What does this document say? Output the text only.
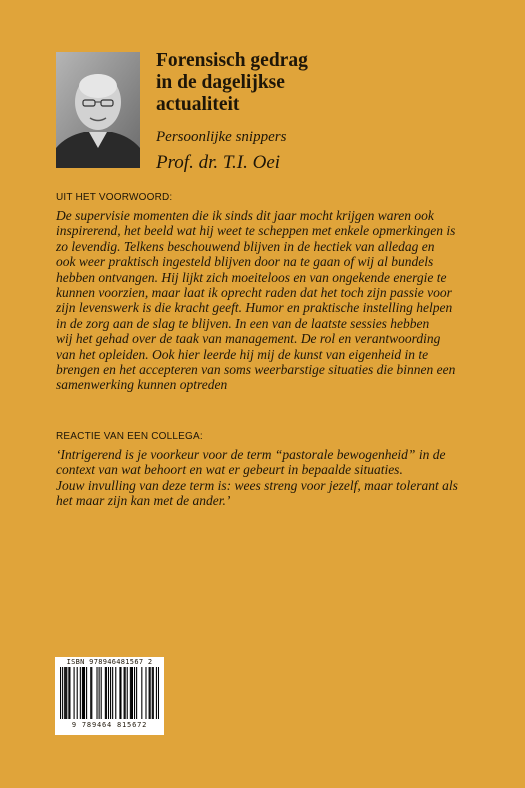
Forensisch gedrag
in de dagelijkse
actualiteit
Persoonlijke snippers
Prof. dr. T.I. Oei
UIT HET VOORWOORD:
De supervisie momenten die ik sinds dit jaar mocht krijgen waren ook
inspirerend, het beeld wat hij weet te scheppen met enkele opmerkingen is
zo levendig. Telkens beschouwend blijven in de hectiek van alledag en
ook weer praktisch ingesteld blijven door na te gaan of wij al bundels
hebben ontvangen. Hij lijkt zich moeiteloos en van ongekende energie te
kunnen voorzien, maar laat ik oprecht raden dat het toch zijn passie voor
zijn levenswerk is die kracht geeft. Humor en praktische instelling helpen
in de zorg aan de slag te blijven. In een van de laatste sessies hebben
wij het gehad over de taak van management. De rol en verantwoording
van het opleiden. Ook hier leerde hij mij de kunst van eigenheid in te
brengen en het accepteren van soms weerbarstige situaties die binnen een
samenwerking kunnen optreden
REACTIE VAN EEN COLLEGA:
‘Intrigerend is je voorkeur voor de term “pastorale bewogenheid” in de
context van wat behoort en wat er gebeurt in bepaalde situaties.
Jouw invulling van deze term is: wees streng voor jezelf, maar tolerant als
het maar zijn kan met de ander.’
ISBN 978946481567 2
9 789464 815672
